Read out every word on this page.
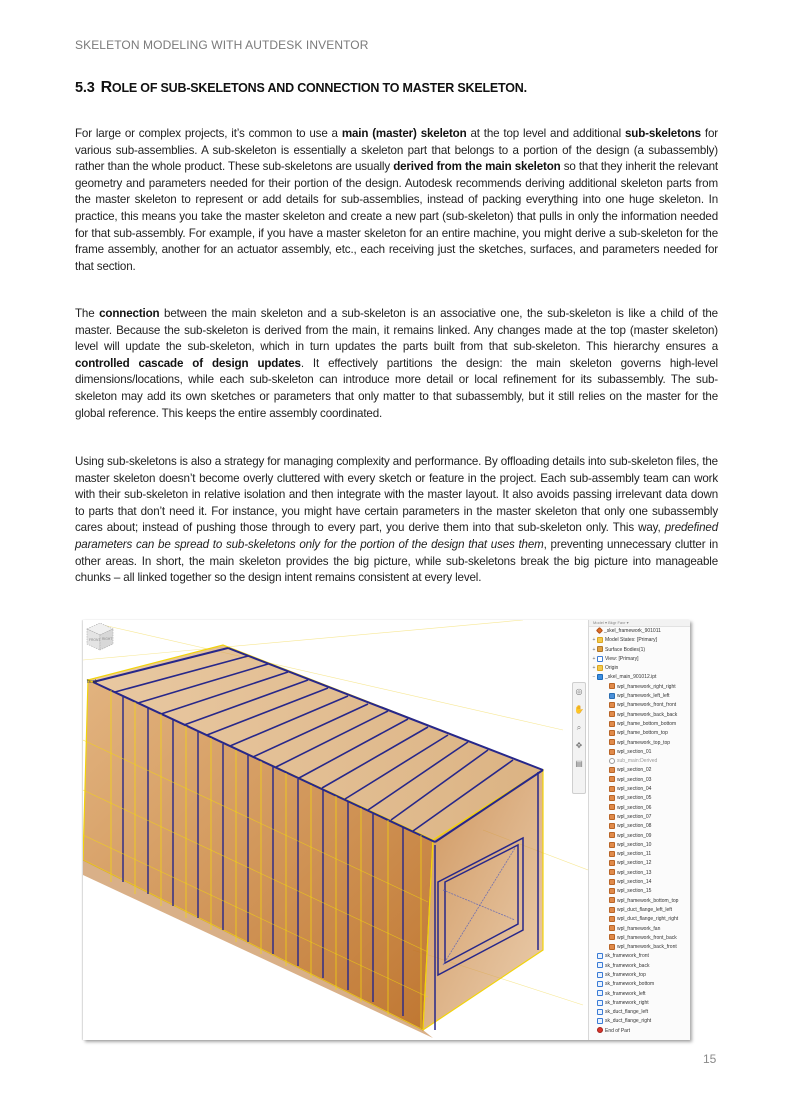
SKELETON MODELING WITH AUTDESK INVENTOR
5.3 ROLE OF SUB-SKELETONS AND CONNECTION TO MASTER SKELETON.

For large or complex projects, it’s common to use a main (master) skeleton at the top level and additional sub-skeletons for various sub-assemblies. A sub-skeleton is essentially a skeleton part that belongs to a portion of the design (a subassembly) rather than the whole product. These sub-skeletons are usually derived from the main skeleton so that they inherit the relevant geometry and parameters needed for their portion of the design. Autodesk recommends deriving additional skeleton parts from the master skeleton to represent or add details for sub-assemblies, instead of packing everything into one huge skeleton. In practice, this means you take the master skeleton and create a new part (sub-skeleton) that pulls in only the information needed for that sub-assembly. For example, if you have a master skeleton for an entire machine, you might derive a sub-skeleton for the frame assembly, another for an actuator assembly, etc., each receiving just the sketches, surfaces, and parameters needed for that section.

The connection between the main skeleton and a sub-skeleton is an associative one, the sub-skeleton is like a child of the master. Because the sub-skeleton is derived from the main, it remains linked. Any changes made at the top (master skeleton) level will update the sub-skeleton, which in turn updates the parts built from that sub-skeleton. This hierarchy ensures a controlled cascade of design updates. It effectively partitions the design: the main skeleton governs high-level dimensions/locations, while each sub-skeleton can introduce more detail or local refinement for its subassembly. The sub-skeleton may add its own sketches or parameters that only matter to that subassembly, but it still relies on the master for the global reference. This keeps the entire assembly coordinated.

Using sub-skeletons is also a strategy for managing complexity and performance. By offloading details into sub-skeleton files, the master skeleton doesn’t become overly cluttered with every sketch or feature in the project. Each sub-assembly team can work with their sub-skeleton in relative isolation and then integrate with the master layout. It also avoids passing irrelevant data down to parts that don’t need it. For instance, you might have certain parameters in the master skeleton that only one subassembly cares about; instead of pushing those through to every part, you derive them into that sub-skeleton only. This way, predefined parameters can be spread to sub-skeletons only for the portion of the design that uses them, preventing unnecessary clutter in other areas. In short, the main skeleton provides the big picture, while sub-skeletons break the big picture into manageable chunks – all linked together so the design intent remains consistent at every level.

fs:sk
FRONT RIGHT
◎
✋
⌕
✥
▤
Model ▾ Bkgr Favr ▾
_skel_framework_901011
+ Model States: [Primary]
+ Surface Bodies(1)
+ View: [Primary]
+ Origin
− _skel_main_901012.ipt
wpl_framework_right_right
wpl_framework_left_left
wpl_framework_front_front
wpl_framework_back_back
wpl_frame_bottom_bottom
wpl_frame_bottom_top
wpl_framework_top_top
wpl_section_01
sub_main:Derived
wpl_section_02
wpl_section_03
wpl_section_04
wpl_section_05
wpl_section_06
wpl_section_07
wpl_section_08
wpl_section_09
wpl_section_10
wpl_section_11
wpl_section_12
wpl_section_13
wpl_section_14
wpl_section_15
wpl_framework_bottom_top
wpl_duct_flange_left_left
wpl_duct_flange_right_right
wpl_framework_fan
wpl_framework_front_back
wpl_framework_back_front
sk_framework_front
sk_framework_back
sk_framework_top
sk_framework_bottom
sk_framework_left
sk_framework_right
sk_duct_flange_left
sk_duct_flange_right
End of Part
15
